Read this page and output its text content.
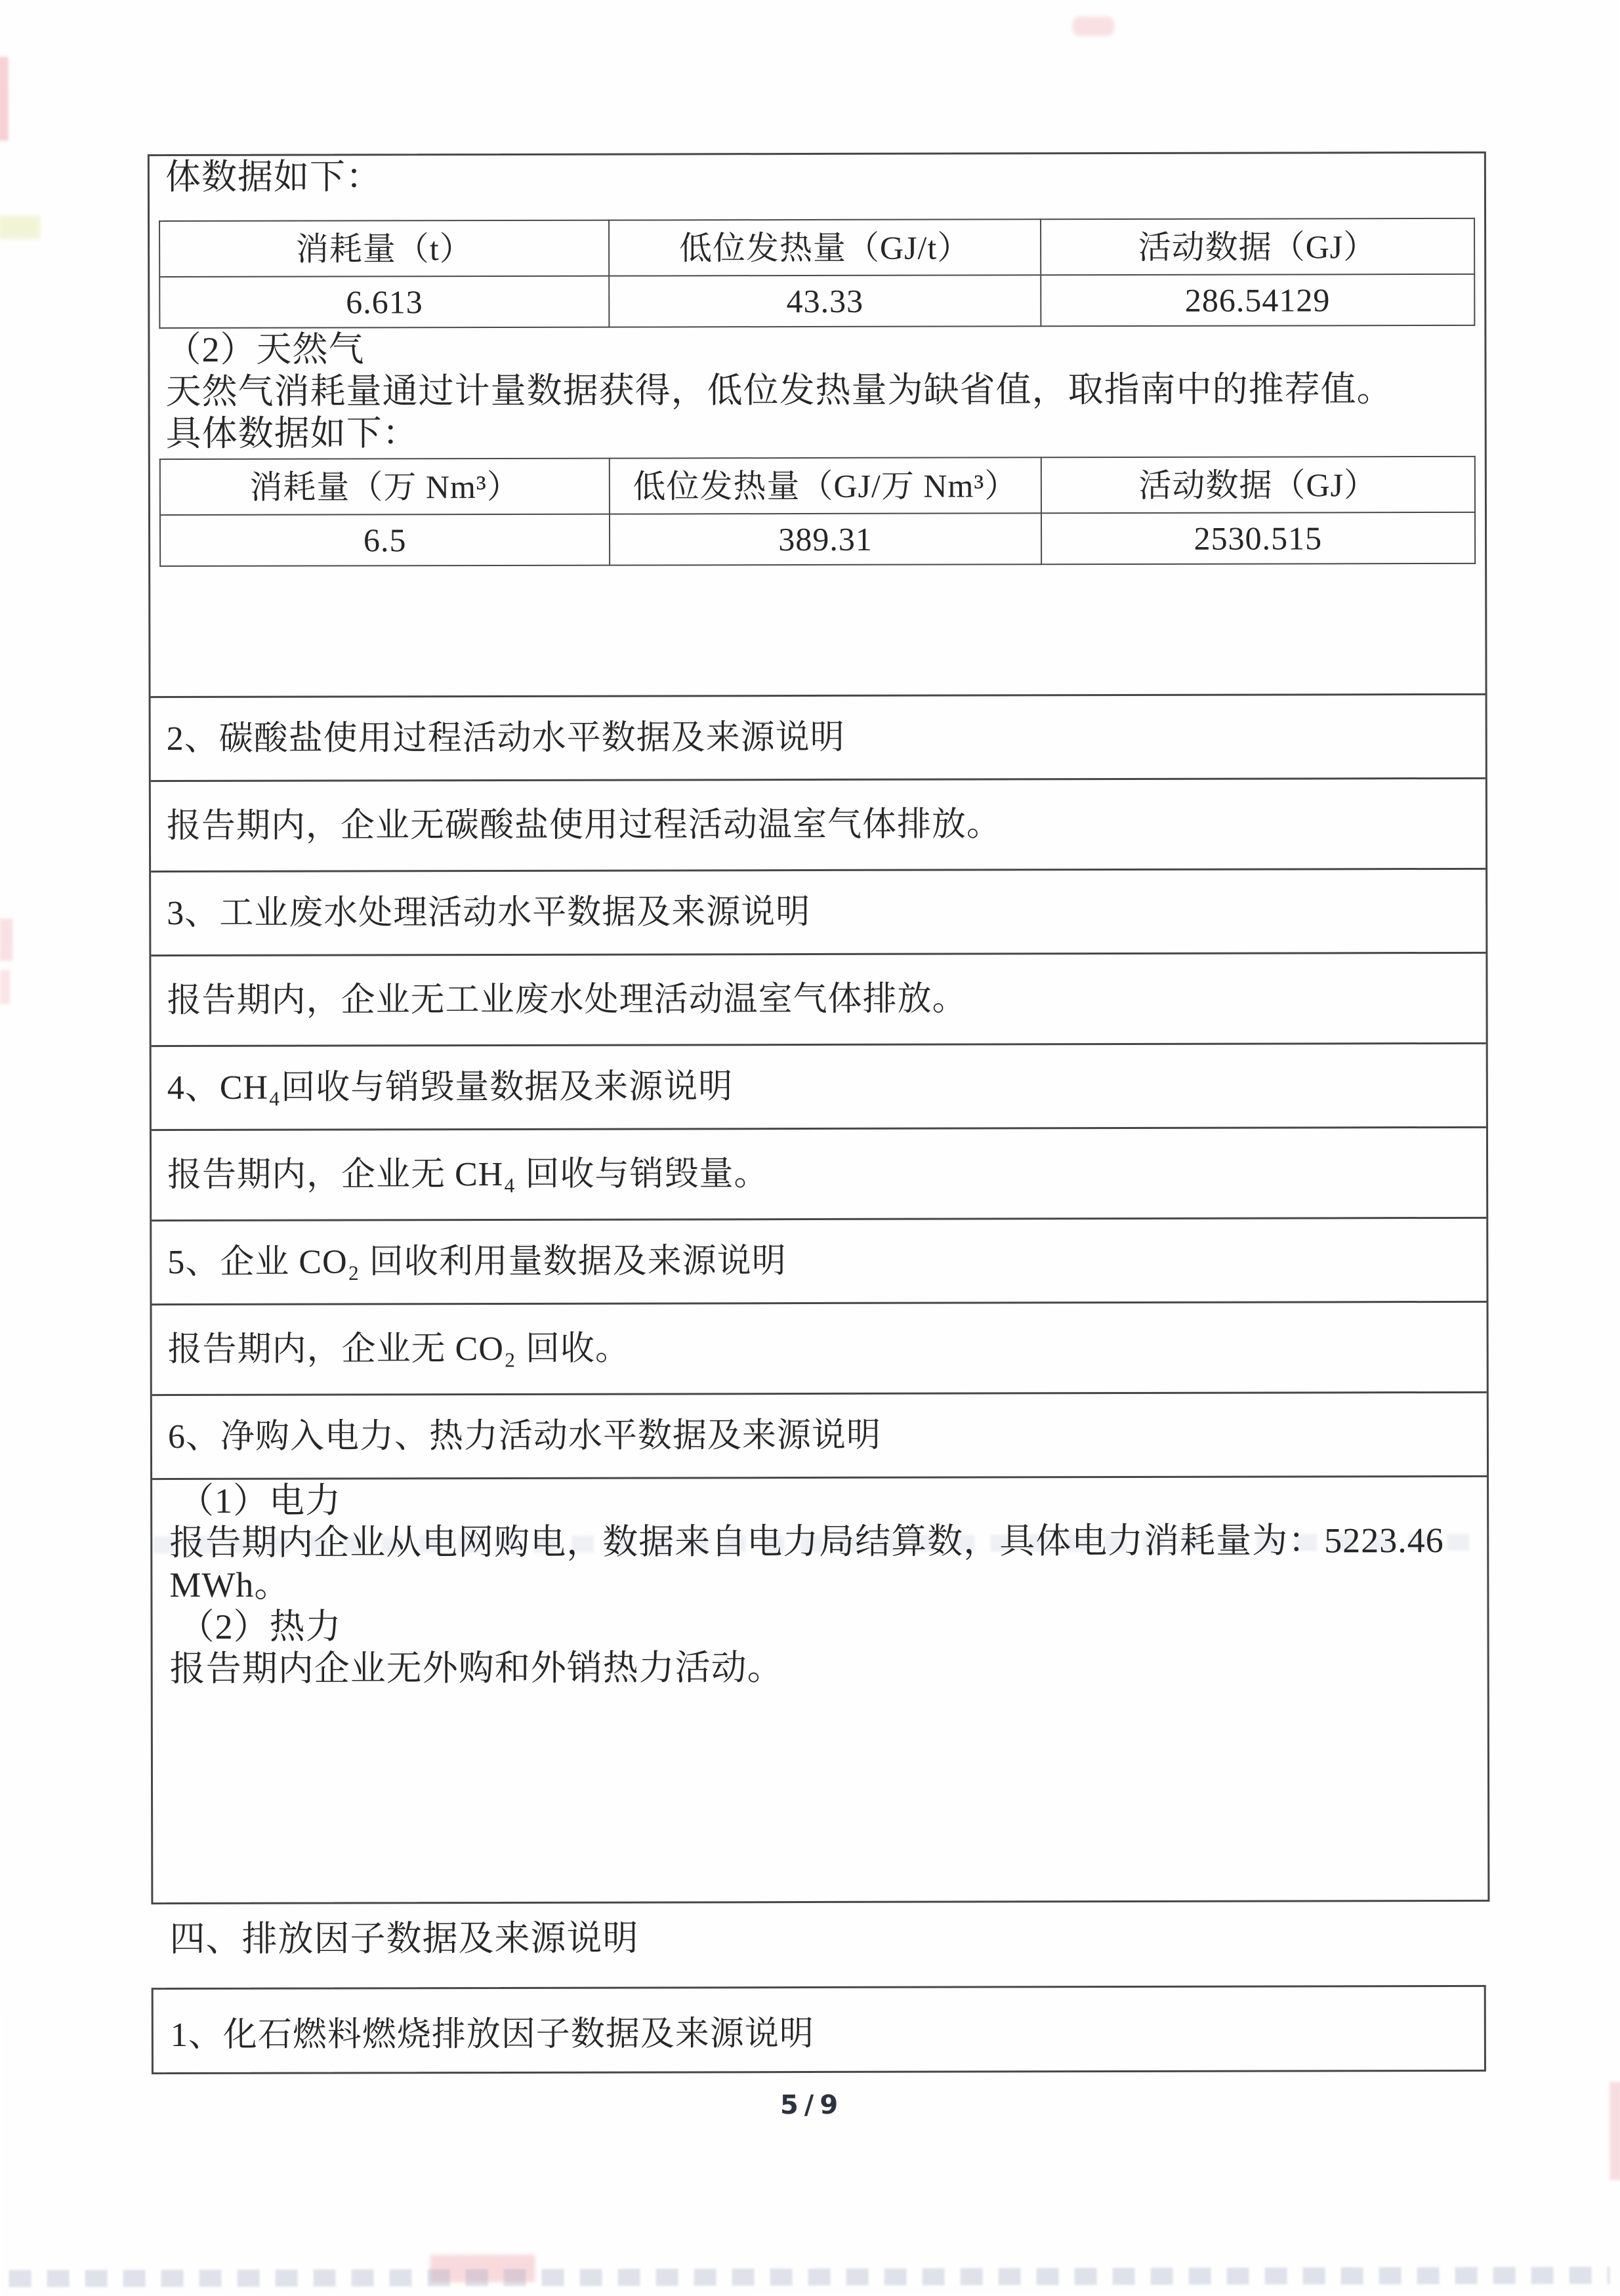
体数据如下：

消耗量（t）	低位发热量（GJ/t）	活动数据（GJ）
6.613	43.33	286.54129

（2）天然气

天然气消耗量通过计量数据获得，低位发热量为缺省值，取指南中的推荐值。

具体数据如下：

消耗量（万 Nm³）	低位发热量（GJ/万 Nm³）	活动数据（GJ）
6.5	389.31	2530.515
2、碳酸盐使用过程活动水平数据及来源说明
报告期内，企业无碳酸盐使用过程活动温室气体排放。
3、工业废水处理活动水平数据及来源说明
报告期内，企业无工业废水处理活动温室气体排放。
4、CH₄回收与销毁量数据及来源说明
报告期内，企业无 CH₄ 回收与销毁量。
5、企业 CO₂ 回收利用量数据及来源说明
报告期内，企业无 CO₂ 回收。
6、净购入电力、热力活动水平数据及来源说明

（1）电力

报告期内企业从电网购电，数据来自电力局结算数，具体电力消耗量为：5223.46

MWh。

（2）热力

报告期内企业无外购和外销热力活动。

四、排放因子数据及来源说明

1、化石燃料燃烧排放因子数据及来源说明

5/9
